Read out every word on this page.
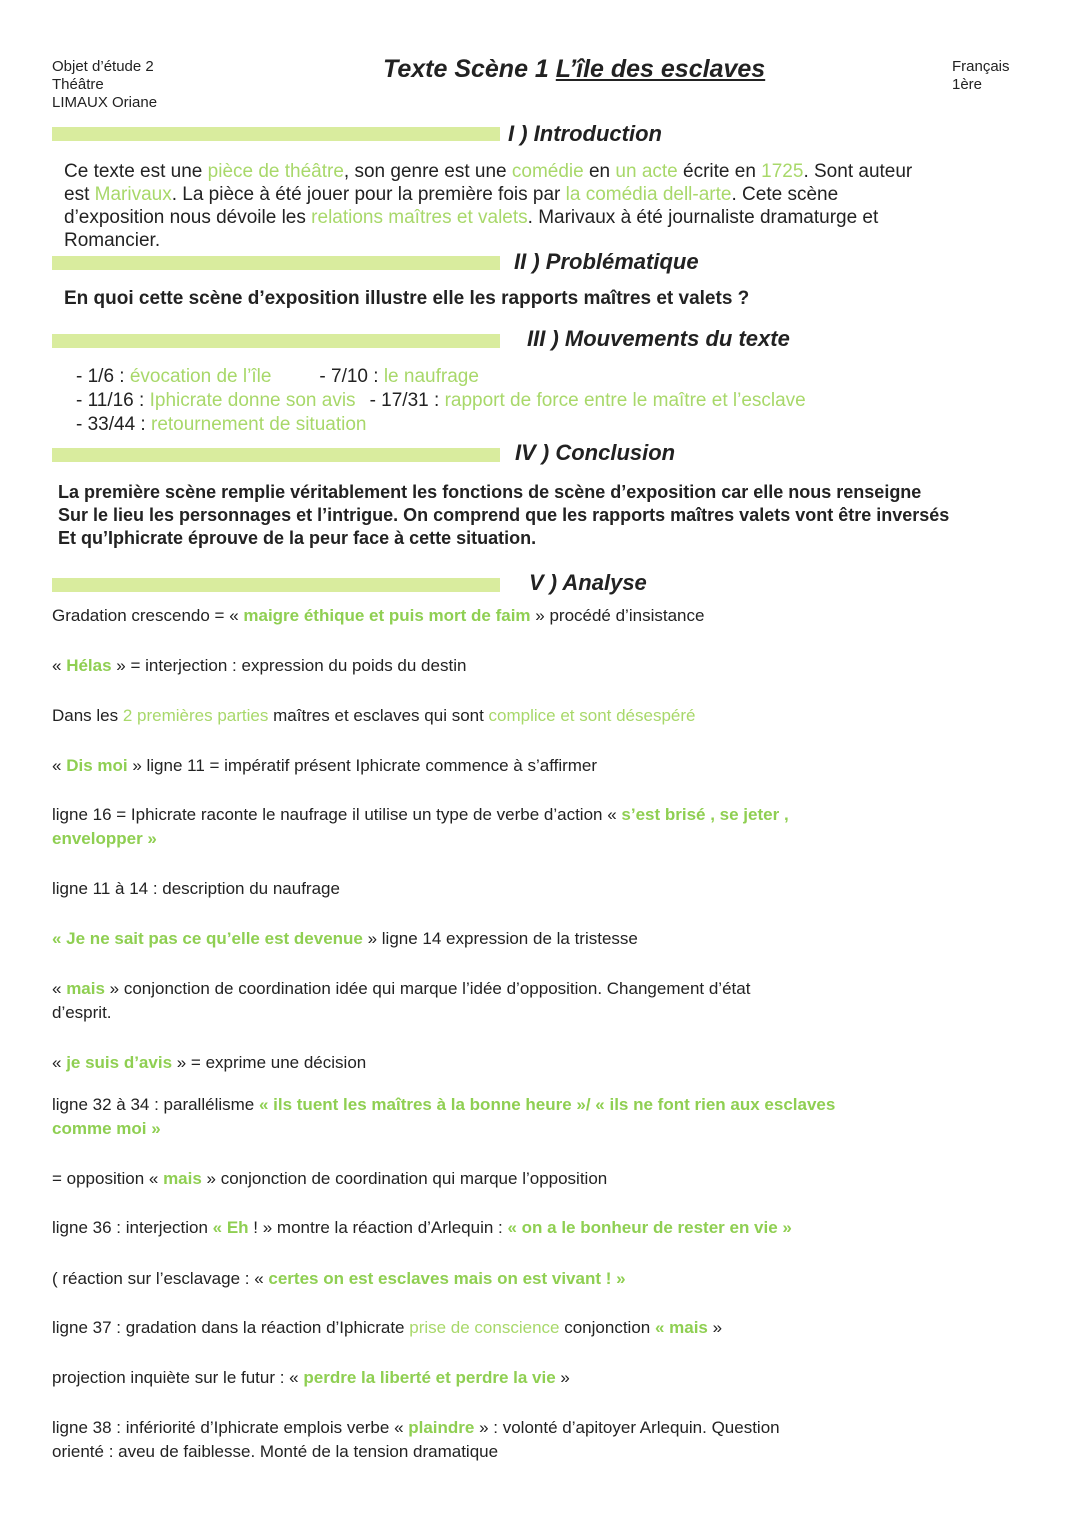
Objet d’étude 2
Théâtre
LIMAUX Oriane
Texte Scène 1 L’île des esclaves	Français
1ère
I ) Introduction
Ce texte est une pièce de théâtre, son genre est une comédie en un acte écrite en 1725. Sont auteur
est Marivaux. La pièce à été jouer pour la première fois par la comédia dell-arte. Cete scène
d’exposition nous dévoile les relations maîtres et valets. Marivaux à été journaliste dramaturge et
Romancier.
II ) Problématique
En quoi cette scène d’exposition illustre elle les rapports maîtres et valets ?
III ) Mouvements du texte
- 1/6 : évocation de l’île	- 7/10 : le naufrage
- 11/16 : Iphicrate donne son avis - 17/31 : rapport de force entre le maître et l’esclave
- 33/44 : retournement de situation
IV ) Conclusion
La première scène remplie véritablement les fonctions de scène d’exposition car elle nous renseigne
Sur le lieu les personnages et l’intrigue. On comprend que les rapports maîtres valets vont être inversés
Et qu’Iphicrate éprouve de la peur face à cette situation.
V ) Analyse
Gradation crescendo = « maigre éthique et puis mort de faim » procédé d’insistance
« Hélas » = interjection : expression du poids du destin
Dans les 2 premières parties maîtres et esclaves qui sont complice et sont désespéré
« Dis moi » ligne 11 = impératif présent Iphicrate commence à s’affirmer
ligne 16 = Iphicrate raconte le naufrage il utilise un type de verbe d’action « s’est brisé , se jeter ,
envelopper »
ligne 11 à 14 : description du naufrage
« Je ne sait pas ce qu’elle est devenue » ligne 14 expression de la tristesse
« mais » conjonction de coordination idée qui marque l’idée d’opposition. Changement d’état
d’esprit.
« je suis d’avis » = exprime une décision
ligne 32 à 34 : parallélisme « ils tuent les maîtres à la bonne heure »/ « ils ne font rien aux esclaves
comme moi »
= opposition « mais » conjonction de coordination qui marque l’opposition
ligne 36 : interjection « Eh ! » montre la réaction d’Arlequin : « on a le bonheur de rester en vie »
( réaction sur l’esclavage : « certes on est esclaves mais on est vivant ! »
ligne 37 : gradation dans la réaction d’Iphicrate prise de conscience conjonction « mais »
projection inquiète sur le futur : « perdre la liberté et perdre la vie »
ligne 38 : infériorité d’Iphicrate emplois verbe « plaindre » : volonté d’apitoyer Arlequin. Question
orienté : aveu de faiblesse. Monté de la tension dramatique
